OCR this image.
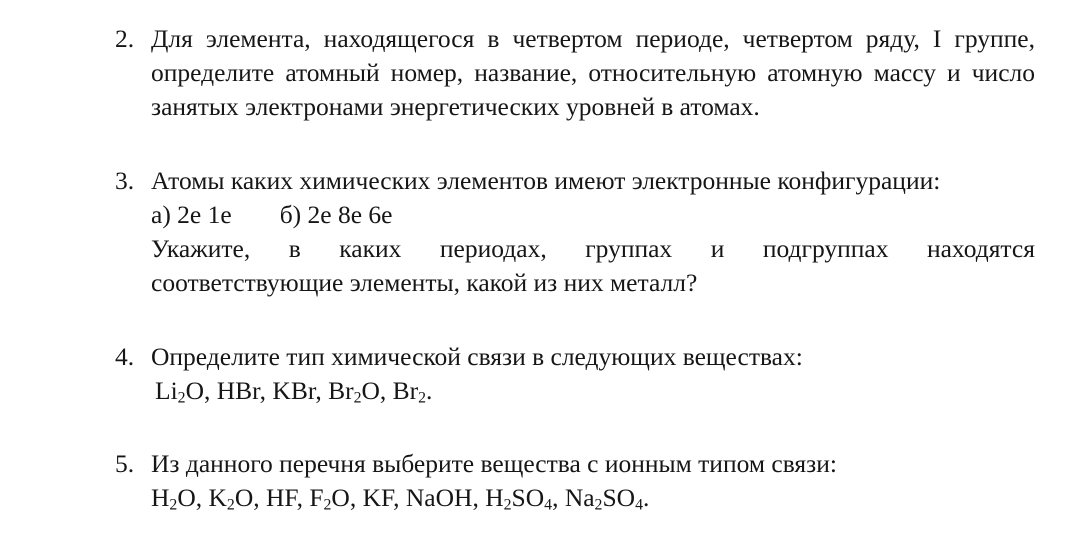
2. Для элемента, находящегося в четвертом периоде, четвертом ряду, I группе, определите атомный номер, название, относительную атомную массу и число занятых электронами энергетических уровней в атомах.
3. Атомы каких химических элементов имеют электронные конфигурации:
а) 2е 1е б) 2е 8е 6е
Укажите, в каких периодах, группах и подгруппах находятся
соответствующие элементы, какой из них металл?
4. Определите тип химической связи в следующих веществах:
$Li_2O$, HBr, KBr, $Br_2O$, $Br_2$.
5. Из данного перечня выберите вещества с ионным типом связи:
$H_2O$, $K_2O$, HF, $F_2O$, KF, NaOH, $H_2SO_4$, $Na_2SO_4$.
